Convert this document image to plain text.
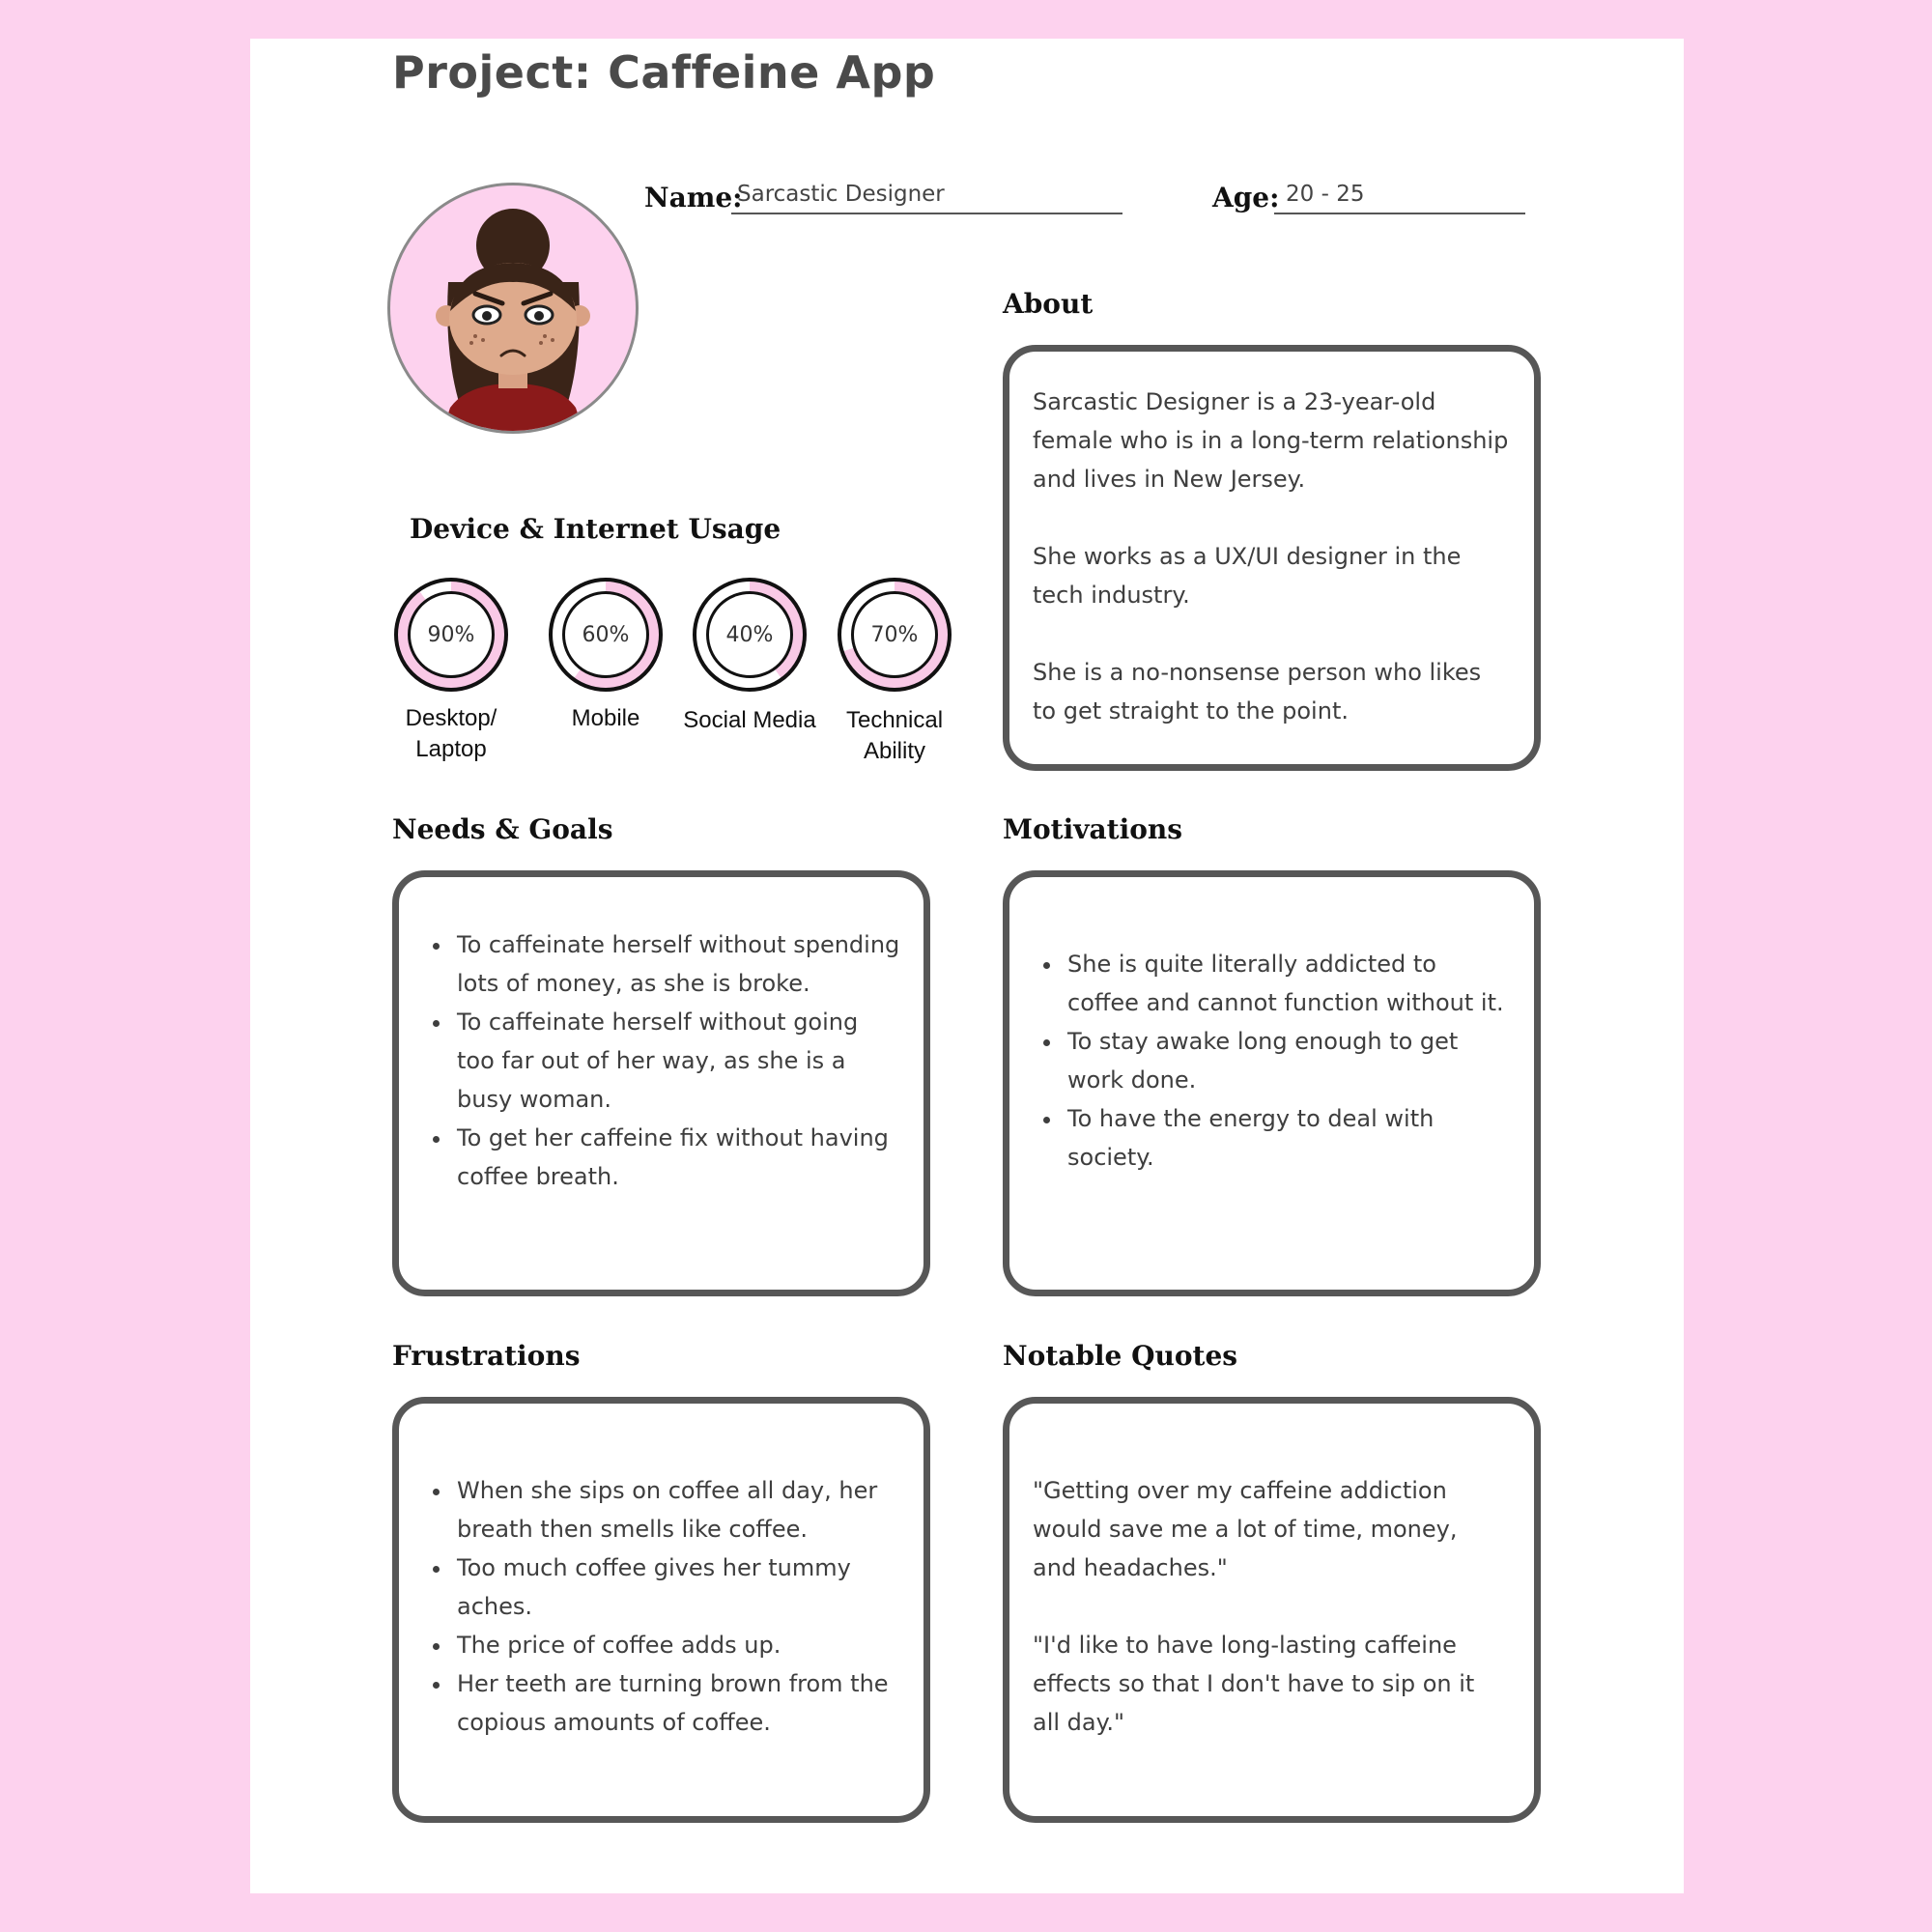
Project: Caffeine App
Name:
Sarcastic Designer	Age: 20 - 25
Device & Internet Usage
90%
Desktop/ Laptop
60%
Mobile
40%
Social Media
70%
Technical Ability
About

Sarcastic Designer is a 23-year-old female who is in a long-term relationship and lives in New Jersey.

She works as a UX/UI designer in the tech industry.

She is a no-nonsense person who likes to get straight to the point.

Needs & Goals
• To caffeinate herself without spending lots of money, as she is broke.
• To caffeinate herself without going too far out of her way, as she is a busy woman.
• To get her caffeine fix without having coffee breath.
Motivations
• She is quite literally addicted to coffee and cannot function without it.
• To stay awake long enough to get work done.
• To have the energy to deal with society.
Frustrations
• When she sips on coffee all day, her breath then smells like coffee.
• Too much coffee gives her tummy aches.
• The price of coffee adds up.
• Her teeth are turning brown from the copious amounts of coffee.
Notable Quotes

"Getting over my caffeine addiction would save me a lot of time, money, and headaches."

"I'd like to have long-lasting caffeine effects so that I don't have to sip on it all day."
